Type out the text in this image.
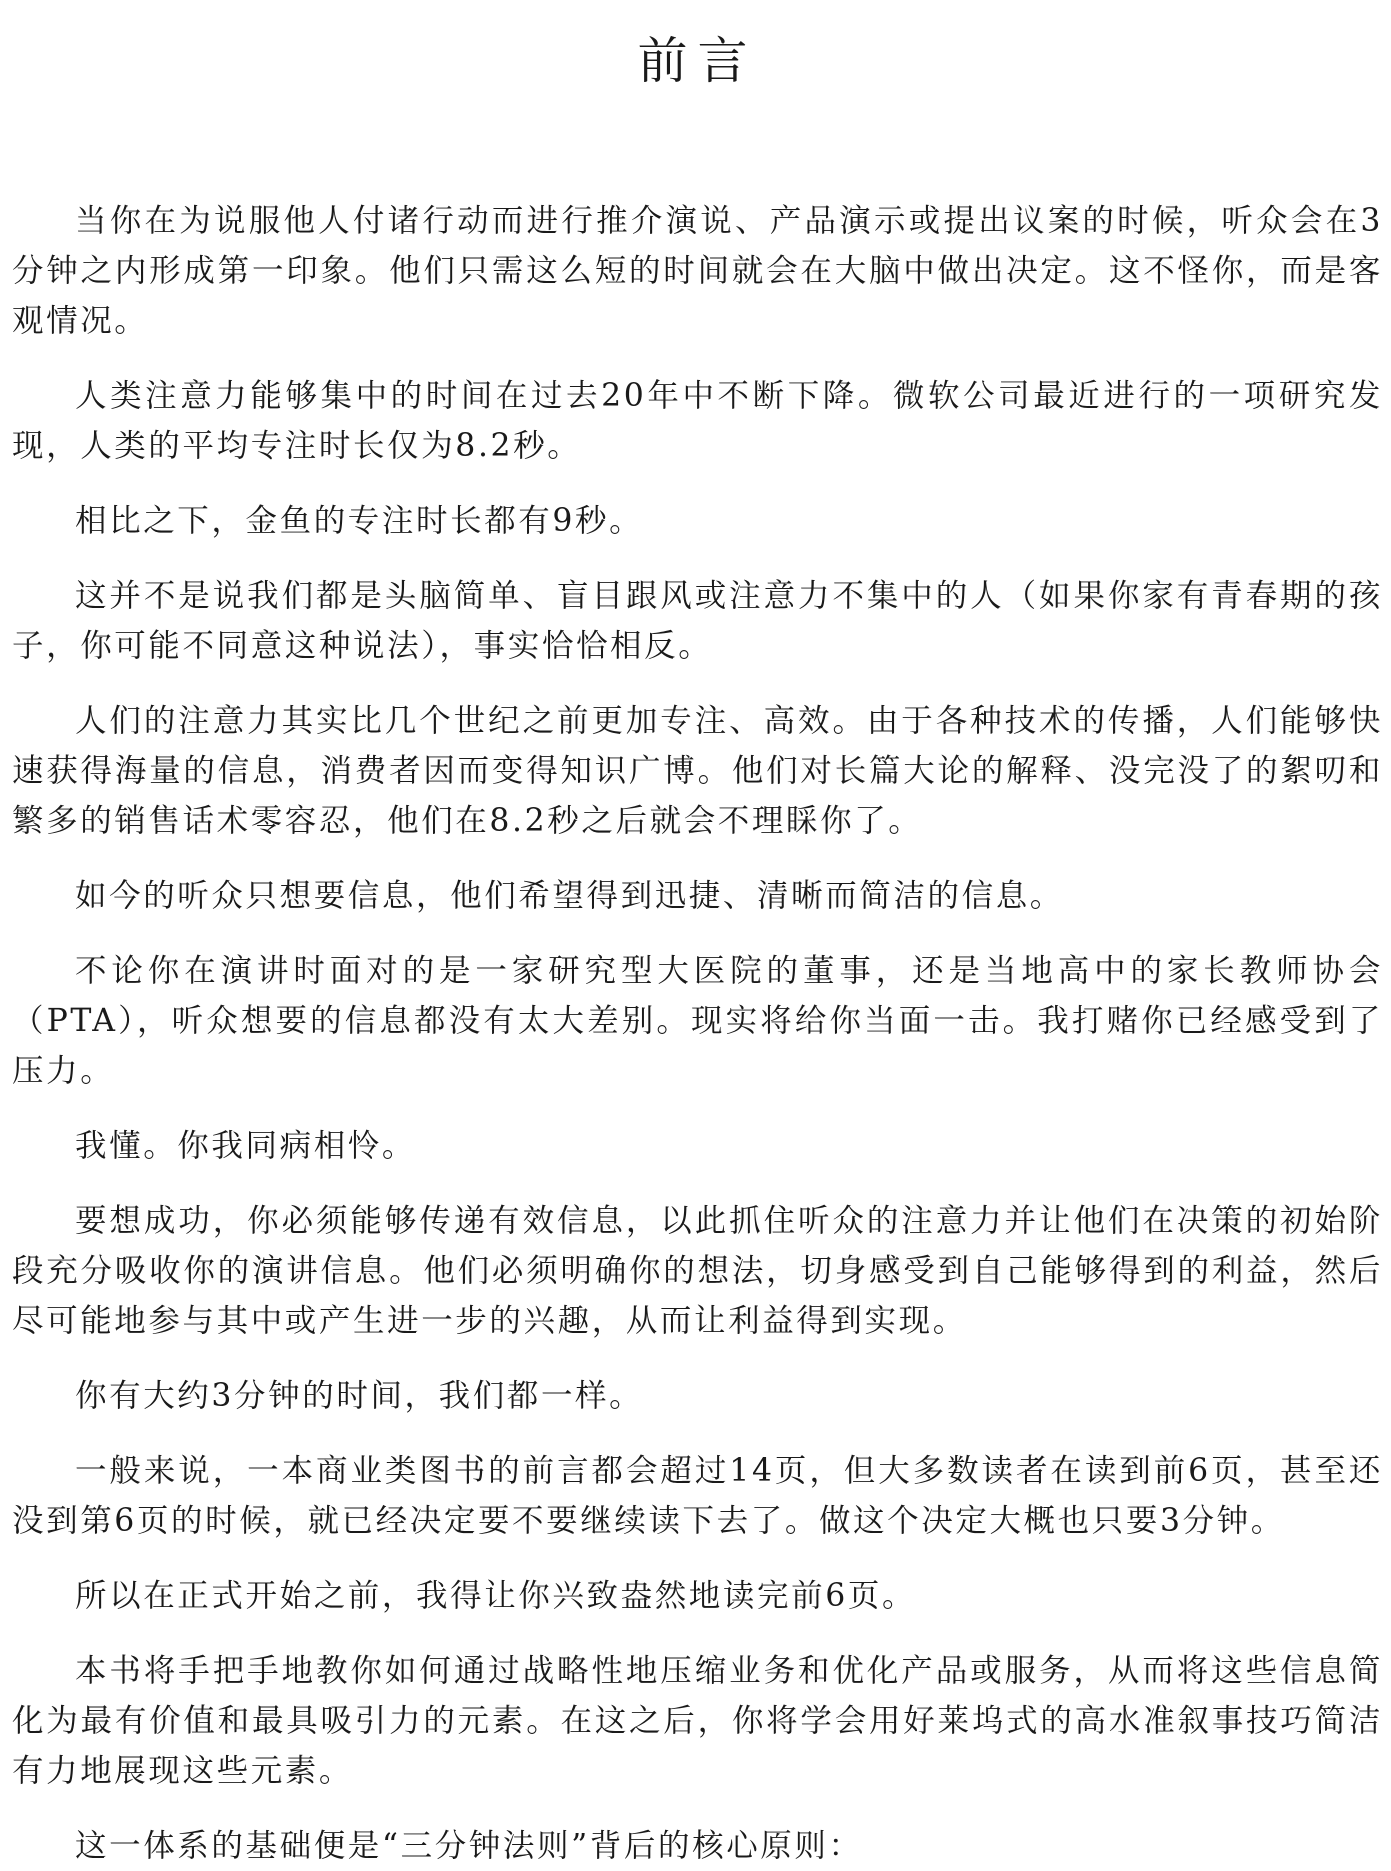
前言

当你在为说服他人付诸行动而进行推介演说、产品演示或提出议案的时候，听众会在3分钟之内形成第一印象。他们只需这么短的时间就会在大脑中做出决定。这不怪你，而是客观情况。

人类注意力能够集中的时间在过去20年中不断下降。微软公司最近进行的一项研究发现，人类的平均专注时长仅为8.2秒。

相比之下，金鱼的专注时长都有9秒。

这并不是说我们都是头脑简单、盲目跟风或注意力不集中的人（如果你家有青春期的孩子，你可能不同意这种说法），事实恰恰相反。

人们的注意力其实比几个世纪之前更加专注、高效。由于各种技术的传播，人们能够快速获得海量的信息，消费者因而变得知识广博。他们对长篇大论的解释、没完没了的絮叨和繁多的销售话术零容忍，他们在8.2秒之后就会不理睬你了。

如今的听众只想要信息，他们希望得到迅捷、清晰而简洁的信息。

不论你在演讲时面对的是一家研究型大医院的董事，还是当地高中的家长教师协会（PTA），听众想要的信息都没有太大差别。现实将给你当面一击。我打赌你已经感受到了压力。

我懂。你我同病相怜。

要想成功，你必须能够传递有效信息，以此抓住听众的注意力并让他们在决策的初始阶段充分吸收你的演讲信息。他们必须明确你的想法，切身感受到自己能够得到的利益，然后尽可能地参与其中或产生进一步的兴趣，从而让利益得到实现。

你有大约3分钟的时间，我们都一样。

一般来说，一本商业类图书的前言都会超过14页，但大多数读者在读到前6页，甚至还没到第6页的时候，就已经决定要不要继续读下去了。做这个决定大概也只要3分钟。

所以在正式开始之前，我得让你兴致盎然地读完前6页。

本书将手把手地教你如何通过战略性地压缩业务和优化产品或服务，从而将这些信息简化为最有价值和最具吸引力的元素。在这之后，你将学会用好莱坞式的高水准叙事技巧简洁有力地展现这些元素。

这一体系的基础便是“三分钟法则”背后的核心原则：
